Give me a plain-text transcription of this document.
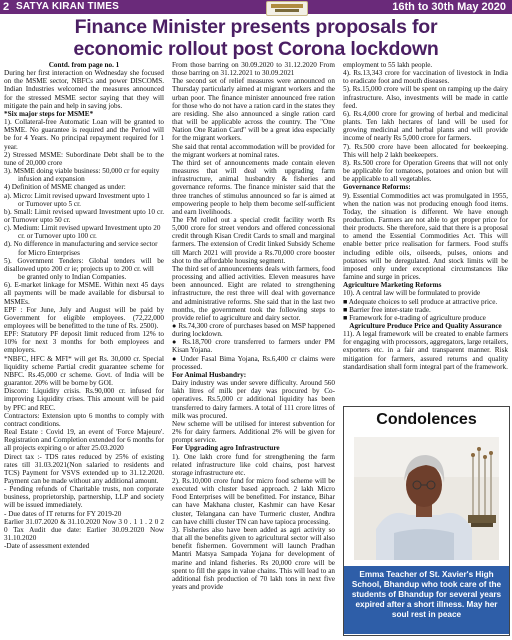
2 SATYA KIRAN TIMES	16th to 30th May 2020
Finance Minister presents proposals for
economic rollout post Corona lockdown

Contd. from page no. 1

During her first interaction on Wednesday she focused on the MSME sector, NBFCs and power DISCOMS. Indian Industries welcomed the measures announced for the stressed MSME sector saying that they will mitigate the pain and help in saving jobs.

*Six major steps for MSME*

1). Collateral-free Automatic Loan will be granted to MSME. No guarantee is required and the Period will be for 4 Years. No principal repayment required for 1 year.

2) Stressed MSME: Subordinate Debt shall be to the tune of 20,000 crore

3). MSME doing viable business: 50,000 cr for equity

infusion and expansion

4) Definition of MSME changed as under:

a). Micro: Limit revised upward Investment upto 1

or Turnover upto 5 cr.

b). Small: Limit revised upward Investment upto 10 cr. or Turnover upto 50 cr.

c). Medium: Limit revised upward Investment upto 20

cr. or Turnover upto 100 cr.

d). No difference in manufacturing and service sector

for Micro Enterprises

5). Government Tenders: Global tenders will be disallowed upto 200 cr ie; projects up to 200 cr. will

be granted only to Indian Companies.

6). E-market linkage for MSME. Within next 45 days all payments will be made available for disbursal to MSMEs.

EPF : For June, July and August will be paid by Government for eligible employees. (72,22,000 employees will be benefitted to the tune of Rs. 2500).

EPF: Statutory PF deposit limit reduced from 12% to 10% for next 3 months for both employees and employers.

*NBFC, HFC & MFI* will get Rs. 30,000 cr. Special liquidity scheme Partial credit guarantee scheme for NBFC. Rs.45,000 cr scheme. Govt. of India will be guarantor. 20% will be borne by GOI.

Discom: Liquidity crisis. Rs.90,000 cr. infused for improving Liquidity crises. This amount will be paid by PFC and REC.

Contractors: Extension upto 6 months to comply with contract conditions.

Real Estate : Covid 19, an event of 'Force Majeure'. Registration and Completion extended for 6 months for all projects expiring o or after 25.03.2020

Direct tax :- TDS rates reduced by 25% of existing rates till 31.03.2021(Non salaried to residents and TCS) Payment for VSVS extended up to 31.12.2020. Payment can be made without any additional amount.

- Pending refunds of Charitable trusts, non corporate business, proprietorship, partnership, LLP and society will be issued immediately.

- Due dates of IT returns for FY 2019-20

Earlier 31.07.2020 & 31.10.2020 Now 3 0 . 1 1 . 2 0 2 0 Tax Audit due date: Earlier 30.09.2020 Now 31.10.2020

-Date of assessment extended

From those barring on 30.09.2020 to 31.12.2020 From those barring on 31.12.2021 to 30.09.2021

The second set of relief measures were announced on Thursday particularly aimed at migrant workers and the urban poor. The finance minister announced free ration for those who do not have a ration card in the states they are residing. She also announced a single ration card that will be applicable across the country. The "One Nation One Ration Card" will be a great idea especially for the migrant workers.

She said that rental accommodation will be provided for the migrant workers at nominal rates.

The third set of announcements made contain eleven measures that will deal with upgrading farm infrastructure, animal husbandry & fisheries and governance reforms. The finance minister said that the three tranches of stimulus announced so far is aimed at empowering people to help them become self-sufficient and earn livelihoods.

The FM rolled out a special credit facility worth Rs 5,000 crore for street vendors and offered concessional credit through Kisan Credit Cards to small and marginal farmers. The extension of Credit linked Subsidy Scheme till March 2021 will provide a Rs.70,000 crore booster shot to the affordable housing segment.

The third set of announcements deals with farmers, food processing and allied activities. Eleven measures have been announced. Eight are related to strengthening infrastructure, the rest three will deal with governance and administrative reforms. She said that in the last two months, the government took the following steps to provide relief to agriculture and dairy sector.

● Rs.74,300 crore of purchases based on MSP happened during lockdown.

● Rs.18,700 crore transferred to farmers under PM Kisan Yojana.

● Under Fasal Bima Yojana, Rs.6,400 cr claims were processed.

For Animal Husbandry:

Dairy industry was under severe difficulty. Around 560 lakh litres of milk per day was procured by Co-operatives. Rs.5,000 cr additional liquidity has been transferred to dairy farmers. A total of 111 crore litres of milk was procured.

New scheme will be utilised for interest subvention for 2% for dairy farmers. Additional 2% will be given for prompt service.

For Upgrading agro Infrastructure

1). One lakh crore fund for strengthening the farm related infrastructure like cold chains, post harvest storage infrastructure etc.

2). Rs.10,000 crore fund for micro food scheme will be executed with cluster based approach. 2 lakh Micro Food Enterprises will be benefitted. For instance, Bihar can have Makhana cluster, Kashmir can have Kesar cluster, Telangana can have Turmeric cluster, Andhra can have chilli cluster TN can have tapioca processing.

3). Fisheries also have been added as agri activity so that all the benefits given to agricultural sector will also benefit fishermen. Government will launch Pradhan Mantri Matsya Sampada Yojana for development of marine and inland fisheries. Rs 20,000 crore will be spent to fill the gaps in value chains. This will lead to an additional fish production of 70 lakh tons in next five years and provide

employment to 55 lakh people.

4). Rs.13,343 crore for vaccination of livestock in India to eradicate foot and mouth diseases.

5). Rs.15,000 crore will be spent on ramping up the dairy infrastructure. Also, investments will be made in cattle feed.

6). Rs.4,000 crore for growing of herbal and medicinal plants. Ten lakh hectares of land will be used for growing medicinal and herbal plants and will provide income of nearly Rs 5,000 crore for farmers.

7). Rs.500 crore have been allocated for beekeeping. This will help 2 lakh beekeepers.

8). Rs.500 crore for Operation Greens that will not only be applicable for tomatoes, potatoes and onion but will be applicable to all vegetables.

Governance Reforms:

9). Essential Commodities act was promulgated in 1955, when the nation was not producing enough food items. Today, the situation is different. We have enough production. Farmers are not able to get proper price for their products. She therefore, said that there is a proposal to amend the Essential Commodities Act. This will enable better price realisation for farmers. Food stuffs including edible oils, oilseeds, pulses, onions and potatoes will be deregulated. And stock limits will be imposed only under exceptional circumstances like famine and surge in prices.

Agriculture Marketing Reforms

10). A central law will be formulated to provide

■ Adequate choices to sell produce at attractive price.

■ Barrier free inter-state trade.

■ Framework for e-trading of agriculture produce

Agriculture Produce Price and Quality Assurance

11). A legal framework will be created to enable farmers for engaging with processors, aggregators, large retailers, exporters etc. in a fair and transparent manner. Risk mitigation for farmers, assured returns and quality standardisation shall form integral part of the framework.

Condolences

Emma Teacher of St. Xavier's High School, Bhandup who took care of the students of Bhandup for several years expired after a short illness. May her soul rest in peace
